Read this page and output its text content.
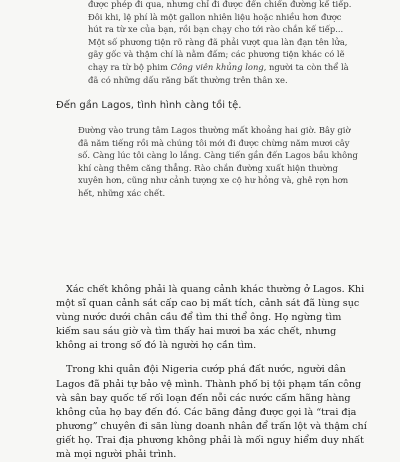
được phép đi qua, nhưng chỉ đi được đến chiến đường kế tiếp.

Đôi khi, lệ phí là một gallon nhiên liệu hoặc nhiều hơn được

hút ra từ xe của bạn, rồi bạn chạy cho tới rào chắn kế tiếp...

Một số phương tiện rõ ràng đã phải vượt qua làn đạn tên lửa,

gãy gốc và thậm chí là nằm đấm; các phương tiện khác có lẽ

chạy ra từ bộ phim Công viên khủng long, người ta còn thể là

đã có những dấu răng bất thường trên thân xe.

Đến gần Lagos, tình hình càng tồi tệ.

Đường vào trung tâm Lagos thường mất khoảng hai giờ. Bây giờ đã năm tiếng rồi mà chúng tôi mới đi được chừng năm mươi cây số. Càng lúc tôi càng lo lắng. Càng tiến gần đến Lagos bầu không khí càng thêm căng thẳng. Rào chắn đường xuất hiện thường xuyên hơn, cũng như cảnh tượng xe cộ hư hỏng và, ghê rợn hơn hết, những xác chết.

Xác chết không phải là quang cảnh khác thường ở Lagos. Khi một sĩ quan cảnh sát cấp cao bị mất tích, cảnh sát đã lùng sục vùng nước dưới chân cầu để tìm thi thể ông. Họ ngừng tìm kiếm sau sáu giờ và tìm thấy hai mươi ba xác chết, nhưng không ai trong số đó là người họ cần tìm.

Trong khi quân đội Nigeria cướp phá đất nước, người dân Lagos đã phải tự bảo vệ mình. Thành phố bị tội phạm tấn công và sân bay quốc tế rối loạn đến nỗi các nước cấm hãng hàng không của họ bay đến đó. Các băng đảng được gọi là “trai địa phương” chuyên đi săn lùng doanh nhân để trấn lột và thậm chí giết họ. Trai địa phương không phải là mối nguy hiểm duy nhất mà mọi người phải trình.
